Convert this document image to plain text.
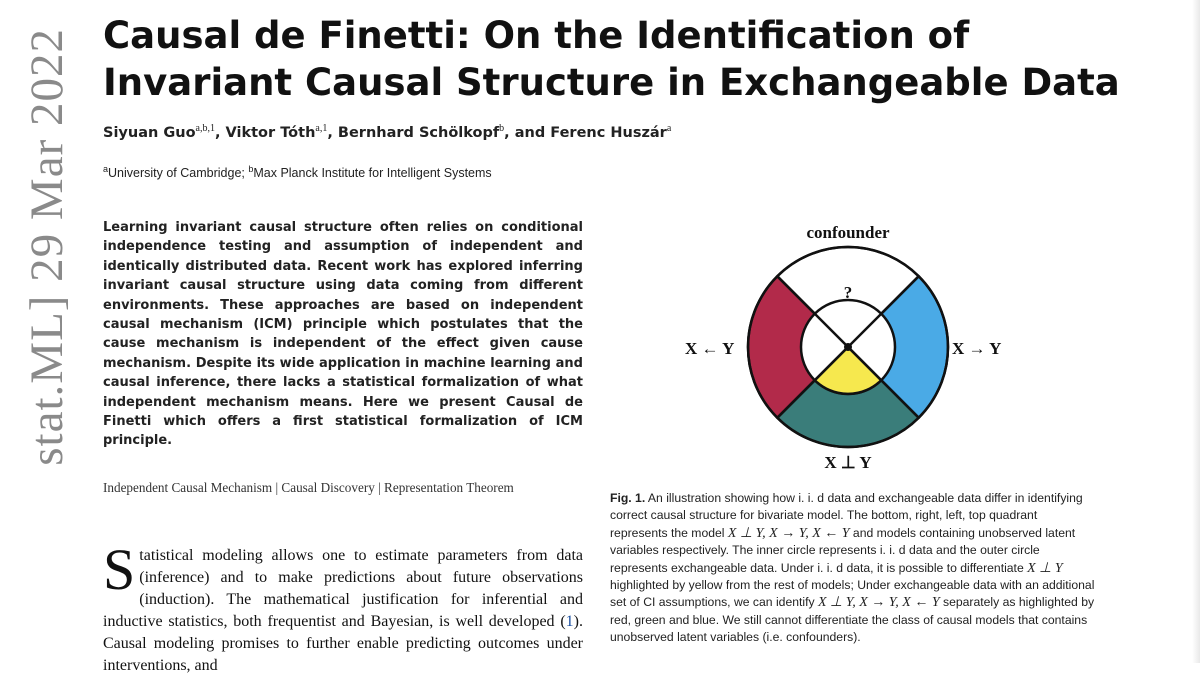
stat.ML] 29 Mar 2022 Causal de Finetti: On the Identification of
Invariant Causal Structure in Exchangeable Data
Siyuan Guo$^{a,b,1}$, Viktor Tóth$^{a,1}$, Bernhard Schölkopf$^b$, and Ferenc Huszár$^a$
$^a$University of Cambridge; $^b$Max Planck Institute for Intelligent Systems
Learning invariant causal structure often relies on conditional independence testing and assumption of independent and identically distributed data. Recent work has explored inferring invariant causal structure using data coming from different environments. These approaches are based on independent causal mechanism (ICM) principle which postulates that the cause mechanism is independent of the effect given cause mechanism. Despite its wide application in machine learning and causal inference, there lacks a statistical formalization of what independent mechanism means. Here we present Causal de Finetti which offers a first statistical formalization of ICM principle.
Independent Causal Mechanism | Causal Discovery | Representation Theorem
Statistical modeling allows one to estimate parameters from data (inference) and to make predictions about future observations (induction). The mathematical justification for inferential and inductive statistics, both frequentist and Bayesian, is well developed (1). Causal modeling promises to further enable predicting outcomes under interventions, and
confounder
?
X ← Y	X → Y
X ⊥ Y
Fig. 1. An illustration showing how i. i. d data and exchangeable data differ in identifying correct causal structure for bivariate model. The bottom, right, left, top quadrant represents the model X ⊥ Y, X → Y, X ← Y and models containing unobserved latent variables respectively. The inner circle represents i. i. d data and the outer circle represents exchangeable data. Under i. i. d data, it is possible to differentiate X ⊥ Y highlighted by yellow from the rest of models; Under exchangeable data with an additional set of CI assumptions, we can identify X ⊥ Y, X → Y, X ← Y separately as highlighted by red, green and blue. We still cannot differentiate the class of causal models that contains unobserved latent variables (i.e. confounders).
